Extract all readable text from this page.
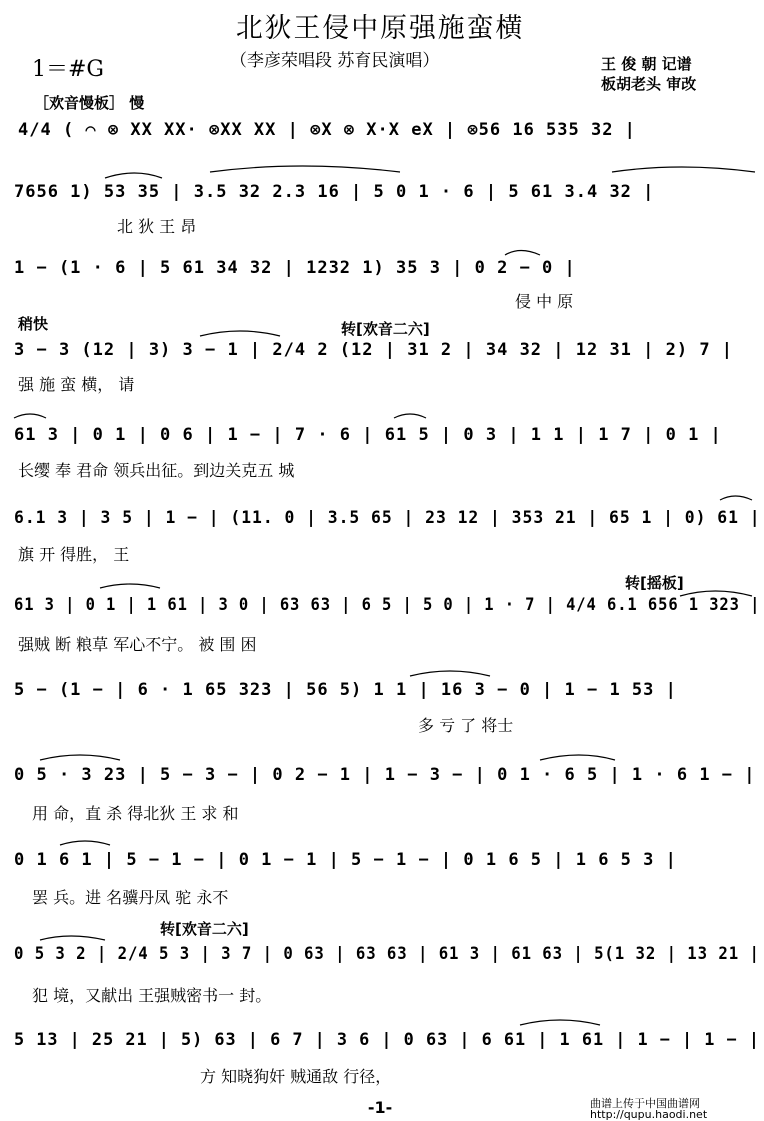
北狄王侵中原强施蛮横
1＝#G	（李彦荣唱段 苏育民演唱）	王 俊 朝 记谱
板胡老头 审改
［欢音慢板］ 慢
4/4 ( ⌒ ⊗ XX XX· ⊗XX XX | ⊗X ⊗ X·X eX | ⊗56 16 535 32 |
7656 1) 53 35 | 3.5 32 2.3 16 | 5 0 1 · 6 | 5 61 3.4 32 |
北 狄 王 昂
1 − (1 · 6 | 5 61 34 32 | 1232 1) 35 3 | 0 2 − 0 |
侵 中 原
稍快	转[欢音二六]
3 − 3 (12 | 3) 3 − 1 | 2/4 2 (12 | 31 2 | 34 32 | 12 31 | 2) 7 |
强 施 蛮 横， 请
61 3 | 0 1 | 0 6 | 1 − | 7 · 6 | 61 5 | 0 3 | 1 1 | 1 7 | 0 1 |
长缨 奉 君命 领兵出征。到边关克五 城
6.1 3 | 3 5 | 1 − | (11. 0 | 3.5 65 | 23 12 | 353 21 | 65 1 | 0) 61 |
旗 开 得胜， 王
转[摇板]
61 3 | 0 1 | 1 61 | 3 0 | 63 63 | 6 5 | 5 0 | 1 · 7 | 4/4 6.1 656 1 323 |
强贼 断 粮草 军心不宁。 被 围 困
5 − (1 − | 6 · 1 65 323 | 56 5) 1 1 | 16 3 − 0 | 1 − 1 53 |
多 亏 了 将士
0 5 · 3 23 | 5 − 3 − | 0 2 − 1 | 1 − 3 − | 0 1 · 6 5 | 1 · 6 1 − |
用 命，直 杀 得北狄 王 求 和
0 1 6 1 | 5 − 1 − | 0 1 − 1 | 5 − 1 − | 0 1 6 5 | 1 6 5 3 |
罢 兵。进 名骥丹凤 驼 永不
转[欢音二六]
0 5 3 2 | 2/4 5 3 | 3 7 | 0 63 | 63 63 | 61 3 | 61 63 | 5(1 32 | 13 21 |
犯 境，又献出 王强贼密书一 封。
5 13 | 25 21 | 5) 63 | 6 7 | 3 6 | 0 63 | 6 61 | 1 61 | 1 − | 1 − |
方 知晓狗奸 贼通敌 行径，
-1-	曲谱上传于中国曲谱网
http://qupu.haodi.net
